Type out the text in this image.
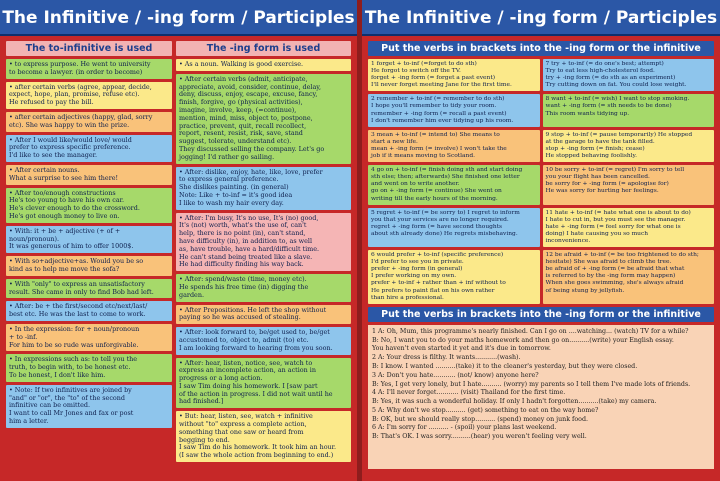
The Infinitive / -ing form / Participles
The to-infinitive is used
• to express purpose. He went to university
to become a lawyer. (in order to become)
• after certain verbs (agree, appear, decide,
expect, hope, plan, promise, refuse etc).
He refused to pay the bill.
• after certain adjectives (happy, glad, sorry
etc). She was happy to win the prize.
• After I would like/would love/ would
prefer to express specific preference.
I'd like to see the manager.
• After certain nouns.
What a surprise to see him there!
• After too/enough constructions
He's too young to have his own car.
He's clever enough to do the crossword.
He's got enough money to live on.
• With: it + be + adjective (+ of + noun/pronoun).
It was generous of him to offer 1000$.
• With so+adjective+as. Would you be so
kind as to help me move the sofa?
• With "only" to express an unsatisfactory
result. She came in only to find Bob had left.
• After: be + the first/second etc/next/last/
best etc. He was the last to come to work.
• In the expression: for + noun/pronoun
+ to -inf.
For him to be so rude was unforgivable.
• In expressions such as: to tell you the
truth, to begin with, to be honest etc.
To be honest, I don't like him.
• Note: If two infinitives are joined by
"and" or "or", the "to" of the second
infinitive can be omitted.
I want to call Mr Jones and fax or post
him a letter.
The -ing form is used
• As a noun. Walking is good exercise.
• After certain verbs (admit, anticipate,
appreciate, avoid, consider, continue, delay,
deny, discuss, enjoy, escape, excuse, fancy,
finish, forgive, go (physical activities),
imagine, involve, keep, (=continue),
mention, mind, miss, object to, postpone,
practice, prevent, quit, recall recollect,
report, resent, resist, risk, save, stand
suggest, tolerate, understand etc).
They discussed selling the company. Let's go
jogging! I'd rather go sailing.
• After: dislike, enjoy, hate, like, love, prefer
to express general preference.
She dislikes painting. (in general)
Note: Like + to-inf = it's good idea
I like to wash my hair every day.
• After: I'm busy, It's no use, It's (no) good,
It's (not) worth, what's the use of, can't
help, there is no point (in), can't stand,
have difficulty (in), in addition to, as well
as, have trouble, have a hard/difficult time.
He can't stand being treated like a slave.
He had difficulty finding his way back.
• After: spend/waste (time, money etc).
He spends his free time (in) digging the
garden.
• After Prepositions. He left the shop without
paying so he was accused of stealing.
• After: look forward to, be/get used to, be/get
accustomed to, object to, admit (to) etc.
I am looking forward to hearing from you soon.
• After: hear, listen, notice, see, watch to
express an incomplete action, an action in
progress or a long action.
I saw Tim doing his homework. I [saw part
of the action in progress. I did not wait until he
had finished.]
• But: hear, listen, see, watch + infinitive
without "to" express a complete action,
something that one saw or heard from
begging to end.
I saw Tim do his homework. It took him an hour.
(I saw the whole action from beginning to end.)
The Infinitive / -ing form / Participles
Put the verbs in brackets into the -ing form or the infinitive
1 forget + to-inf (=forget to do sth)
He forgot to switch off the TV.
forget + -ing form (= forget a past event)
I'll never forget meeting Jane for the first time.
7 try + to-inf (= do one's best; attempt)
Try to eat less high-cholesterol food.
try + -ing form (= do sth as an experiment)
Try cutting down on fat. You could lose weight.
2 remember + to-inf (= remember to do sth)
I hope you'll remember to tidy your room.
remember + -ing form (= recall a past event)
I don't remember him ever tidying up his room.
8 want + to-inf (= wish) I want to stop smoking.
want + -ing form (= sth needs to be done)
This room wants tidying up.
3 mean + to-inf (= intend to) She means to
start a new life.
mean + -ing form (= involve) I won't take the
job if it means moving to Scotland.
9 stop + to-inf (= pause temporarily) He stopped
at the garage to have the tank filled.
stop + -ing form (= finish; cease)
He stopped behaving foolishly.
4 go on + to-inf (= finish doing sth and start doing
sth else; then; afterwards) She finished one letter
and went on to write another.
go on + -ing form (= continue) She went on
writing till the early hours of the morning.
10 be sorry + to-inf (= regret) I'm sorry to tell
you your flight has been cancelled.
be sorry for + -ing form (= apologise for)
He was sorry for hurting her feelings.
5 regret + to-inf (= be sorry to) I regret to inform
you that your services are no longer required.
regret + -ing form (= have second thoughts
about sth already done) He regrets misbehaving.
11 hate + to-inf (= hate what one is about to do)
I hate to cut in, but you must see the manager.
hate + -ing form (= feel sorry for what one is
doing) I hate causing you so much
inconvenience.
6 would prefer + to-inf (specific preference)
I'd prefer to see you in private.
prefer + -ing form (in general)
I prefer working on my own.
prefer + to-inf + rather than + inf without to
He prefers to paint flat on his own rather
than hire a professional.
12 be afraid + to-inf (= be too frightened to do sth;
hesitate) She was afraid to climb the tree.
be afraid of + -ing form (= be afraid that what
is referred to by the -ing form may happen)
When she goes swimming, she's always afraid
of being stung by jellyfish.
Put the verbs in brackets into the -ing form or the infinitive
1 A: Oh, Mum, this programme's nearly finished. Can I go on ....watching... (watch) TV for a while?
B: No, I want you to do your maths homework and then go on..........(write) your English essay.
You haven't even started it yet and it's due in tomorrow.
2 A: Your dress is filthy. It wants...........(wash).
B: I know. I wanted ..........(take) it to the cleaner's yesterday, but they were closed.
3 A: Don't you hate........... (not/ know) anyone here?
B: Yes, I get very lonely, but I hate.......... (worry) my parents so I tell them I've made lots of friends.
4 A: I'll never forget........... (visit) Thailand for the first time.
B: Yes, it was such a wonderful holiday. If only I hadn't forgotten..........(take) my camera.
5 A: Why don't we stop.......... (get) something to eat on the way home?
B: OK, but we should really stop.......... (spend) money on junk food.
6 A: I'm sorry for .......... - (spoil) your plans last weekend.
B: That's OK. I was sorry..........(hear) you weren't feeling very well.
